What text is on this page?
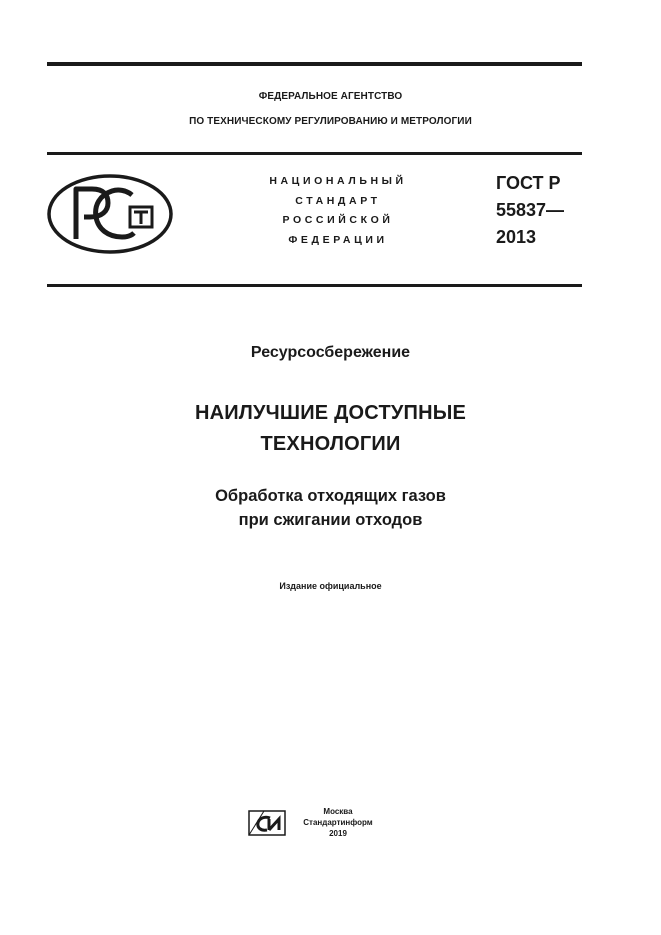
ФЕДЕРАЛЬНОЕ АГЕНТСТВО
ПО ТЕХНИЧЕСКОМУ РЕГУЛИРОВАНИЮ И МЕТРОЛОГИИ
НАЦИОНАЛЬНЫЙ
СТАНДАРТ
РОССИЙСКОЙ
ФЕДЕРАЦИИ
ГОСТ Р
55837—
2013
Ресурсосбережение
НАИЛУЧШИЕ ДОСТУПНЫЕ
ТЕХНОЛОГИИ
Обработка отходящих газов
при сжигании отходов
Издание официальное
Москва
Стандартинформ
2019
